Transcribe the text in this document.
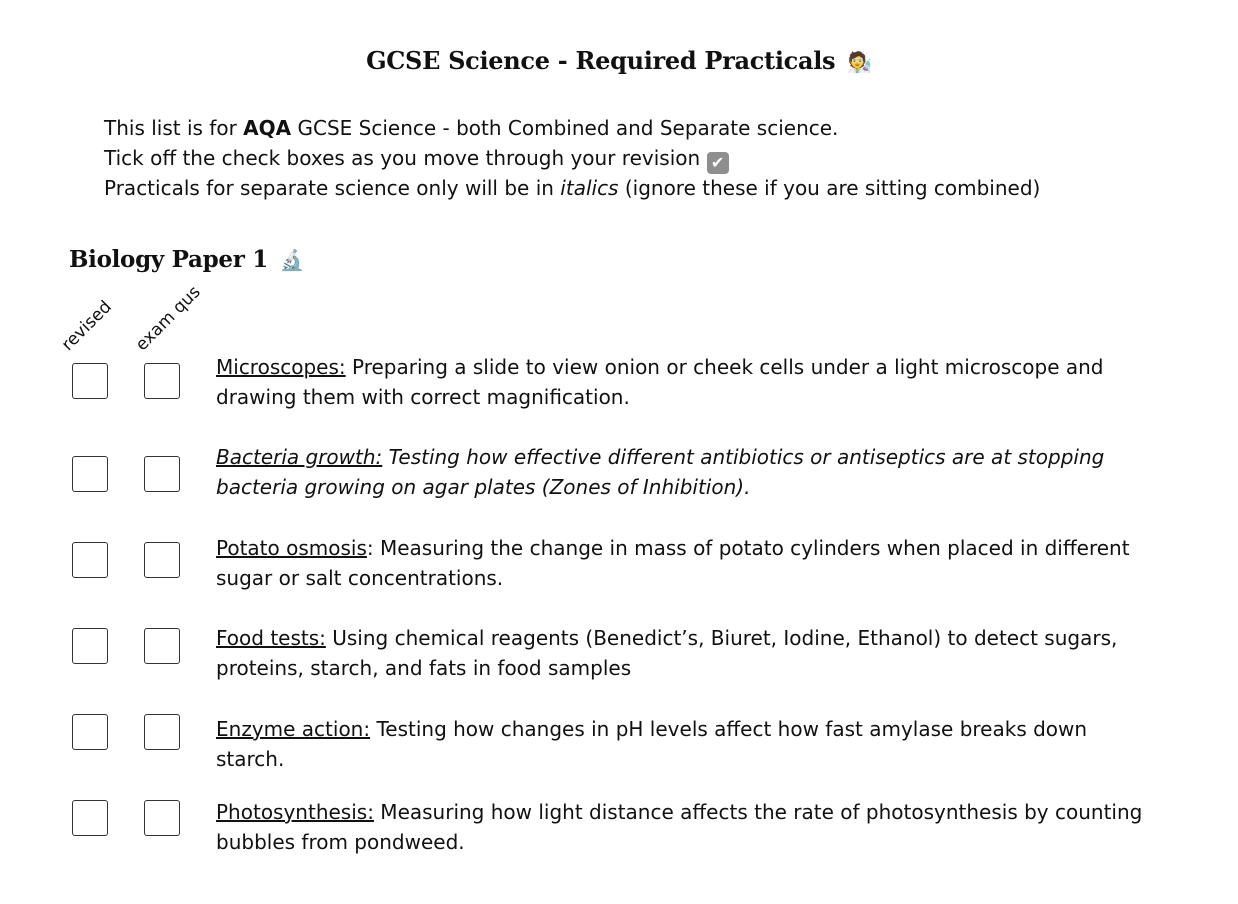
GCSE Science - Required Practicals 🧑‍🔬
This list is for AQA GCSE Science - both Combined and Separate science.
Tick off the check boxes as you move through your revision ✔
Practicals for separate science only will be in italics (ignore these if you are sitting combined)
Biology Paper 1 🔬
revised exam qus
Microscopes: Preparing a slide to view onion or cheek cells under a light microscope and drawing them with correct magnification.
Bacteria growth: Testing how effective different antibiotics or antiseptics are at stopping bacteria growing on agar plates (Zones of Inhibition).
Potato osmosis: Measuring the change in mass of potato cylinders when placed in different sugar or salt concentrations.
Food tests: Using chemical reagents (Benedict’s, Biuret, Iodine, Ethanol) to detect sugars, proteins, starch, and fats in food samples
Enzyme action: Testing how changes in pH levels affect how fast amylase breaks down starch.
Photosynthesis: Measuring how light distance affects the rate of photosynthesis by counting bubbles from pondweed.
